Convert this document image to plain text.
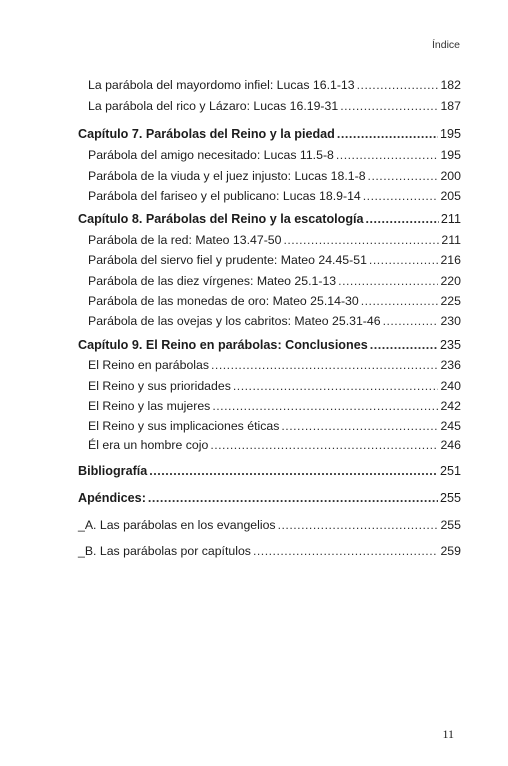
Índice
La parábola del mayordomo infiel: Lucas 16.1-13 .....	182
La parábola del rico y Lázaro: Lucas 16.19-31 .....	187
Capítulo 7. Parábolas del Reino y la piedad .....	195
Parábola del amigo necesitado: Lucas 11.5-8 .....	195
Parábola de la viuda y el juez injusto: Lucas 18.1-8 .....	200
Parábola del fariseo y el publicano: Lucas 18.9-14 .....	205
Capítulo 8. Parábolas del Reino y la escatología .....	211
Parábola de la red: Mateo 13.47-50 .....	211
Parábola del siervo fiel y prudente: Mateo 24.45-51 .....	216
Parábola de las diez vírgenes: Mateo 25.1-13 .....	220
Parábola de las monedas de oro: Mateo 25.14-30 .....	225
Parábola de las ovejas y los cabritos: Mateo 25.31-46 .....	230
Capítulo 9. El Reino en parábolas: Conclusiones .....	235
El Reino en parábolas .....	236
El Reino y sus prioridades .....	240
El Reino y las mujeres .....	242
El Reino y sus implicaciones éticas .....	245
Él era un hombre cojo .....	246
Bibliografía .....	251
Apéndices: .....	255
_A. Las parábolas en los evangelios .....	255
_B. Las parábolas por capítulos .....	259
11
